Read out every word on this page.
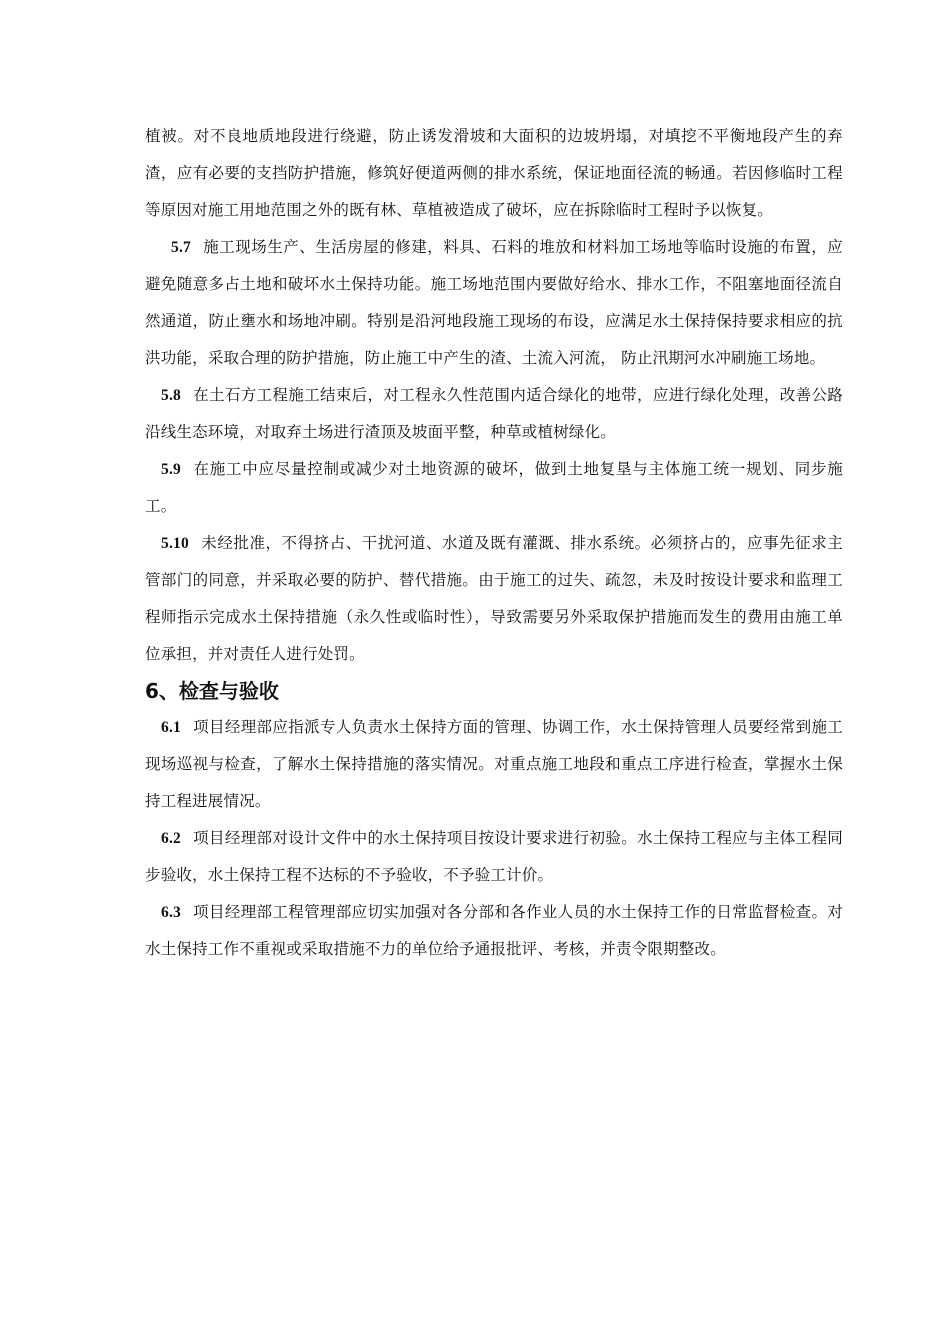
植被。对不良地质地段进行绕避，防止诱发滑坡和大面积的边坡坍塌，对填挖不平衡地段产生的弃渣，应有必要的支挡防护措施，修筑好便道两侧的排水系统，保证地面径流的畅通。若因修临时工程等原因对施工用地范围之外的既有林、草植被造成了破坏，应在拆除临时工程时予以恢复。

5.7 施工现场生产、生活房屋的修建，料具、石料的堆放和材料加工场地等临时设施的布置，应避免随意多占土地和破坏水土保持功能。施工场地范围内要做好给水、排水工作，不阻塞地面径流自然通道，防止壅水和场地冲刷。特别是沿河地段施工现场的布设，应满足水土保持保持要求相应的抗洪功能，采取合理的防护措施，防止施工中产生的渣、土流入河流， 防止汛期河水冲刷施工场地。

5.8 在土石方工程施工结束后，对工程永久性范围内适合绿化的地带，应进行绿化处理，改善公路沿线生态环境，对取弃土场进行渣顶及坡面平整，种草或植树绿化。

5.9 在施工中应尽量控制或减少对土地资源的破坏，做到土地复垦与主体施工统一规划、同步施工。

5.10 未经批准，不得挤占、干扰河道、水道及既有灌溉、排水系统。必须挤占的，应事先征求主管部门的同意，并采取必要的防护、替代措施。由于施工的过失、疏忽，未及时按设计要求和监理工程师指示完成水土保持措施（永久性或临时性），导致需要另外采取保护措施而发生的费用由施工单位承担，并对责任人进行处罚。

6、检查与验收

6.1 项目经理部应指派专人负责水土保持方面的管理、协调工作，水土保持管理人员要经常到施工现场巡视与检查，了解水土保持措施的落实情况。对重点施工地段和重点工序进行检查，掌握水土保持工程进展情况。

6.2 项目经理部对设计文件中的水土保持项目按设计要求进行初验。水土保持工程应与主体工程同步验收，水土保持工程不达标的不予验收，不予验工计价。

6.3 项目经理部工程管理部应切实加强对各分部和各作业人员的水土保持工作的日常监督检查。对水土保持工作不重视或采取措施不力的单位给予通报批评、考核，并责令限期整改。
